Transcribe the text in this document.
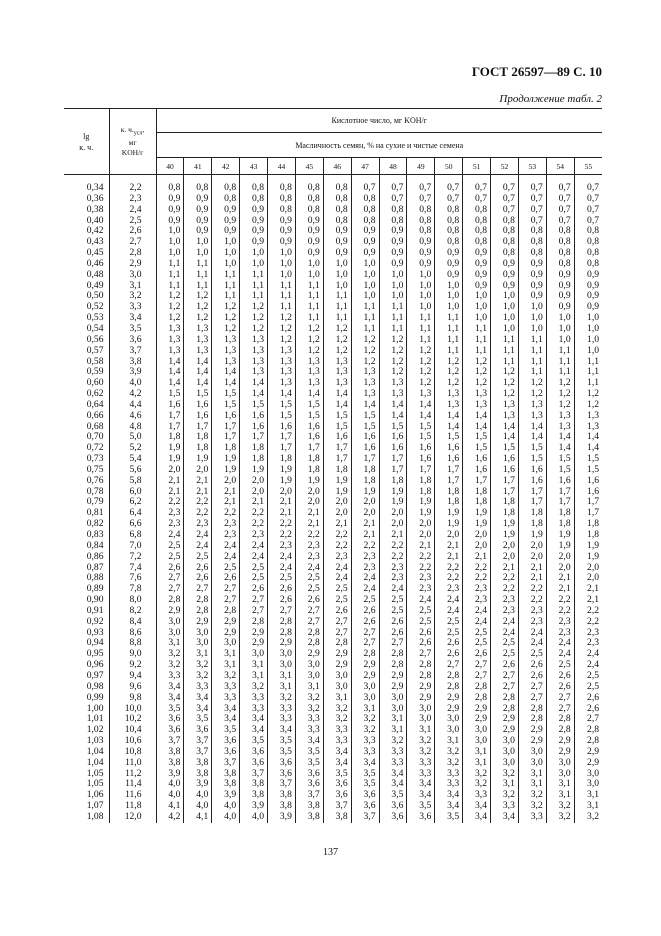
ГОСТ 26597—89 С. 10
Продолжение табл. 2
lg
к. ч.	к. $ч._{усл}$,
мг
KOH/г	Кислотное число, мг KOH/г															
		Масличность семян, % на сухие и чистые семена															
		40	41	42	43	44	45	46	47	48	49	50	51	52	53	54	55
0,34	2,2	0,8	0,8	0,8	0,8	0,8	0,8	0,8	0,7	0,7	0,7	0,7	0,7	0,7	0,7	0,7	0,7
0,36	2,3	0,9	0,9	0,8	0,8	0,8	0,8	0,8	0,8	0,7	0,7	0,7	0,7	0,7	0,7	0,7	0,7
0,38	2,4	0,9	0,9	0,9	0,9	0,8	0,8	0,8	0,8	0,8	0,8	0,8	0,8	0,7	0,7	0,7	0,7
0,40	2,5	0,9	0,9	0,9	0,9	0,9	0,9	0,8	0,8	0,8	0,8	0,8	0,8	0,8	0,7	0,7	0,7
0,42	2,6	1,0	0,9	0,9	0,9	0,9	0,9	0,9	0,9	0,9	0,8	0,8	0,8	0,8	0,8	0,8	0,8
0,43	2,7	1,0	1,0	1,0	0,9	0,9	0,9	0,9	0,9	0,9	0,9	0,8	0,8	0,8	0,8	0,8	0,8
0,45	2,8	1,0	1,0	1,0	1,0	1,0	0,9	0,9	0,9	0,9	0,9	0,9	0,9	0,8	0,8	0,8	0,8
0,46	2,9	1,1	1,1	1,0	1,0	1,0	1,0	1,0	1,0	0,9	0,9	0,9	0,9	0,9	0,9	0,8	0,8
0,48	3,0	1,1	1,1	1,1	1,1	1,0	1,0	1,0	1,0	1,0	1,0	0,9	0,9	0,9	0,9	0,9	0,9
0,49	3,1	1,1	1,1	1,1	1,1	1,1	1,1	1,0	1,0	1,0	1,0	1,0	0,9	0,9	0,9	0,9	0,9
0,50	3,2	1,2	1,2	1,1	1,1	1,1	1,1	1,1	1,0	1,0	1,0	1,0	1,0	1,0	0,9	0,9	0,9
0,52	3,3	1,2	1,2	1,2	1,2	1,1	1,1	1,1	1,1	1,1	1,0	1,0	1,0	1,0	1,0	0,9	0,9
0,53	3,4	1,2	1,2	1,2	1,2	1,2	1,1	1,1	1,1	1,1	1,1	1,1	1,0	1,0	1,0	1,0	1,0
0,54	3,5	1,3	1,3	1,2	1,2	1,2	1,2	1,2	1,1	1,1	1,1	1,1	1,1	1,0	1,0	1,0	1,0
0,56	3,6	1,3	1,3	1,3	1,3	1,2	1,2	1,2	1,2	1,2	1,1	1,1	1,1	1,1	1,1	1,0	1,0
0,57	3,7	1,3	1,3	1,3	1,3	1,3	1,2	1,2	1,2	1,2	1,2	1,1	1,1	1,1	1,1	1,1	1,0
0,58	3,8	1,4	1,4	1,3	1,3	1,3	1,3	1,3	1,2	1,2	1,2	1,2	1,2	1,1	1,1	1,1	1,1
0,59	3,9	1,4	1,4	1,4	1,3	1,3	1,3	1,3	1,3	1,2	1,2	1,2	1,2	1,2	1,1	1,1	1,1
0,60	4,0	1,4	1,4	1,4	1,4	1,3	1,3	1,3	1,3	1,3	1,2	1,2	1,2	1,2	1,2	1,2	1,1
0,62	4,2	1,5	1,5	1,5	1,4	1,4	1,4	1,4	1,3	1,3	1,3	1,3	1,3	1,2	1,2	1,2	1,2
0,64	4,4	1,6	1,6	1,5	1,5	1,5	1,5	1,4	1,4	1,4	1,4	1,3	1,3	1,3	1,3	1,2	1,2
0,66	4,6	1,7	1,6	1,6	1,6	1,5	1,5	1,5	1,5	1,4	1,4	1,4	1,4	1,3	1,3	1,3	1,3
0,68	4,8	1,7	1,7	1,7	1,6	1,6	1,6	1,5	1,5	1,5	1,5	1,4	1,4	1,4	1,4	1,3	1,3
0,70	5,0	1,8	1,8	1,7	1,7	1,7	1,6	1,6	1,6	1,6	1,5	1,5	1,5	1,4	1,4	1,4	1,4
0,72	5,2	1,9	1,8	1,8	1,8	1,7	1,7	1,7	1,6	1,6	1,6	1,6	1,5	1,5	1,5	1,4	1,4
0,73	5,4	1,9	1,9	1,9	1,8	1,8	1,8	1,7	1,7	1,7	1,6	1,6	1,6	1,6	1,5	1,5	1,5
0,75	5,6	2,0	2,0	1,9	1,9	1,9	1,8	1,8	1,8	1,7	1,7	1,7	1,6	1,6	1,6	1,5	1,5
0,76	5,8	2,1	2,1	2,0	2,0	1,9	1,9	1,9	1,8	1,8	1,8	1,7	1,7	1,7	1,6	1,6	1,6
0,78	6,0	2,1	2,1	2,1	2,0	2,0	2,0	1,9	1,9	1,9	1,8	1,8	1,8	1,7	1,7	1,7	1,6
0,79	6,2	2,2	2,2	2,1	2,1	2,1	2,0	2,0	2,0	1,9	1,9	1,8	1,8	1,8	1,7	1,7	1,7
0,81	6,4	2,3	2,2	2,2	2,2	2,1	2,1	2,0	2,0	2,0	1,9	1,9	1,9	1,8	1,8	1,8	1,7
0,82	6,6	2,3	2,3	2,3	2,2	2,2	2,1	2,1	2,1	2,0	2,0	1,9	1,9	1,9	1,8	1,8	1,8
0,83	6,8	2,4	2,4	2,3	2,3	2,2	2,2	2,2	2,1	2,1	2,0	2,0	2,0	1,9	1,9	1,9	1,8
0,84	7,0	2,5	2,4	2,4	2,4	2,3	2,3	2,2	2,2	2,2	2,1	2,1	2,0	2,0	2,0	1,9	1,9
0,86	7,2	2,5	2,5	2,4	2,4	2,4	2,3	2,3	2,3	2,2	2,2	2,1	2,1	2,0	2,0	2,0	1,9
0,87	7,4	2,6	2,6	2,5	2,5	2,4	2,4	2,4	2,3	2,3	2,2	2,2	2,2	2,1	2,1	2,0	2,0
0,88	7,6	2,7	2,6	2,6	2,5	2,5	2,5	2,4	2,4	2,3	2,3	2,2	2,2	2,2	2,1	2,1	2,0
0,89	7,8	2,7	2,7	2,7	2,6	2,6	2,5	2,5	2,4	2,4	2,3	2,3	2,3	2,2	2,2	2,1	2,1
0,90	8,0	2,8	2,8	2,7	2,7	2,6	2,6	2,5	2,5	2,5	2,4	2,4	2,3	2,3	2,2	2,2	2,1
0,91	8,2	2,9	2,8	2,8	2,7	2,7	2,7	2,6	2,6	2,5	2,5	2,4	2,4	2,3	2,3	2,2	2,2
0,92	8,4	3,0	2,9	2,9	2,8	2,8	2,7	2,7	2,6	2,6	2,5	2,5	2,4	2,4	2,3	2,3	2,2
0,93	8,6	3,0	3,0	2,9	2,9	2,8	2,8	2,7	2,7	2,6	2,6	2,5	2,5	2,4	2,4	2,3	2,3
0,94	8,8	3,1	3,0	3,0	2,9	2,9	2,8	2,8	2,7	2,7	2,6	2,6	2,5	2,5	2,4	2,4	2,3
0,95	9,0	3,2	3,1	3,1	3,0	3,0	2,9	2,9	2,8	2,8	2,7	2,6	2,6	2,5	2,5	2,4	2,4
0,96	9,2	3,2	3,2	3,1	3,1	3,0	3,0	2,9	2,9	2,8	2,8	2,7	2,7	2,6	2,6	2,5	2,4
0,97	9,4	3,3	3,2	3,2	3,1	3,1	3,0	3,0	2,9	2,9	2,8	2,8	2,7	2,7	2,6	2,6	2,5
0,98	9,6	3,4	3,3	3,3	3,2	3,1	3,1	3,0	3,0	2,9	2,9	2,8	2,8	2,7	2,7	2,6	2,5
0,99	9,8	3,4	3,4	3,3	3,3	3,2	3,2	3,1	3,0	3,0	2,9	2,9	2,8	2,8	2,7	2,7	2,6
1,00	10,0	3,5	3,4	3,4	3,3	3,3	3,2	3,2	3,1	3,0	3,0	2,9	2,9	2,8	2,8	2,7	2,6
1,01	10,2	3,6	3,5	3,4	3,4	3,3	3,3	3,2	3,2	3,1	3,0	3,0	2,9	2,9	2,8	2,8	2,7
1,02	10,4	3,6	3,6	3,5	3,4	3,4	3,3	3,3	3,2	3,1	3,1	3,0	3,0	2,9	2,9	2,8	2,8
1,03	10,6	3,7	3,7	3,6	3,5	3,5	3,4	3,3	3,3	3,2	3,2	3,1	3,0	3,0	2,9	2,9	2,8
1,04	10,8	3,8	3,7	3,6	3,6	3,5	3,5	3,4	3,3	3,3	3,2	3,2	3,1	3,0	3,0	2,9	2,9
1,04	11,0	3,8	3,8	3,7	3,6	3,6	3,5	3,4	3,4	3,3	3,3	3,2	3,1	3,0	3,0	3,0	2,9
1,05	11,2	3,9	3,8	3,8	3,7	3,6	3,6	3,5	3,5	3,4	3,3	3,3	3,2	3,2	3,1	3,0	3,0
1,05	11,4	4,0	3,9	3,8	3,8	3,7	3,6	3,6	3,5	3,4	3,4	3,3	3,2	3,1	3,1	3,1	3,0
1,06	11,6	4,0	4,0	3,9	3,8	3,8	3,7	3,6	3,6	3,5	3,4	3,4	3,3	3,2	3,2	3,1	3,1
1,07	11,8	4,1	4,0	4,0	3,9	3,8	3,8	3,7	3,6	3,6	3,5	3,4	3,4	3,3	3,2	3,2	3,1
1,08	12,0	4,2	4,1	4,0	4,0	3,9	3,8	3,8	3,7	3,6	3,6	3,5	3,4	3,4	3,3	3,2	3,2
137
